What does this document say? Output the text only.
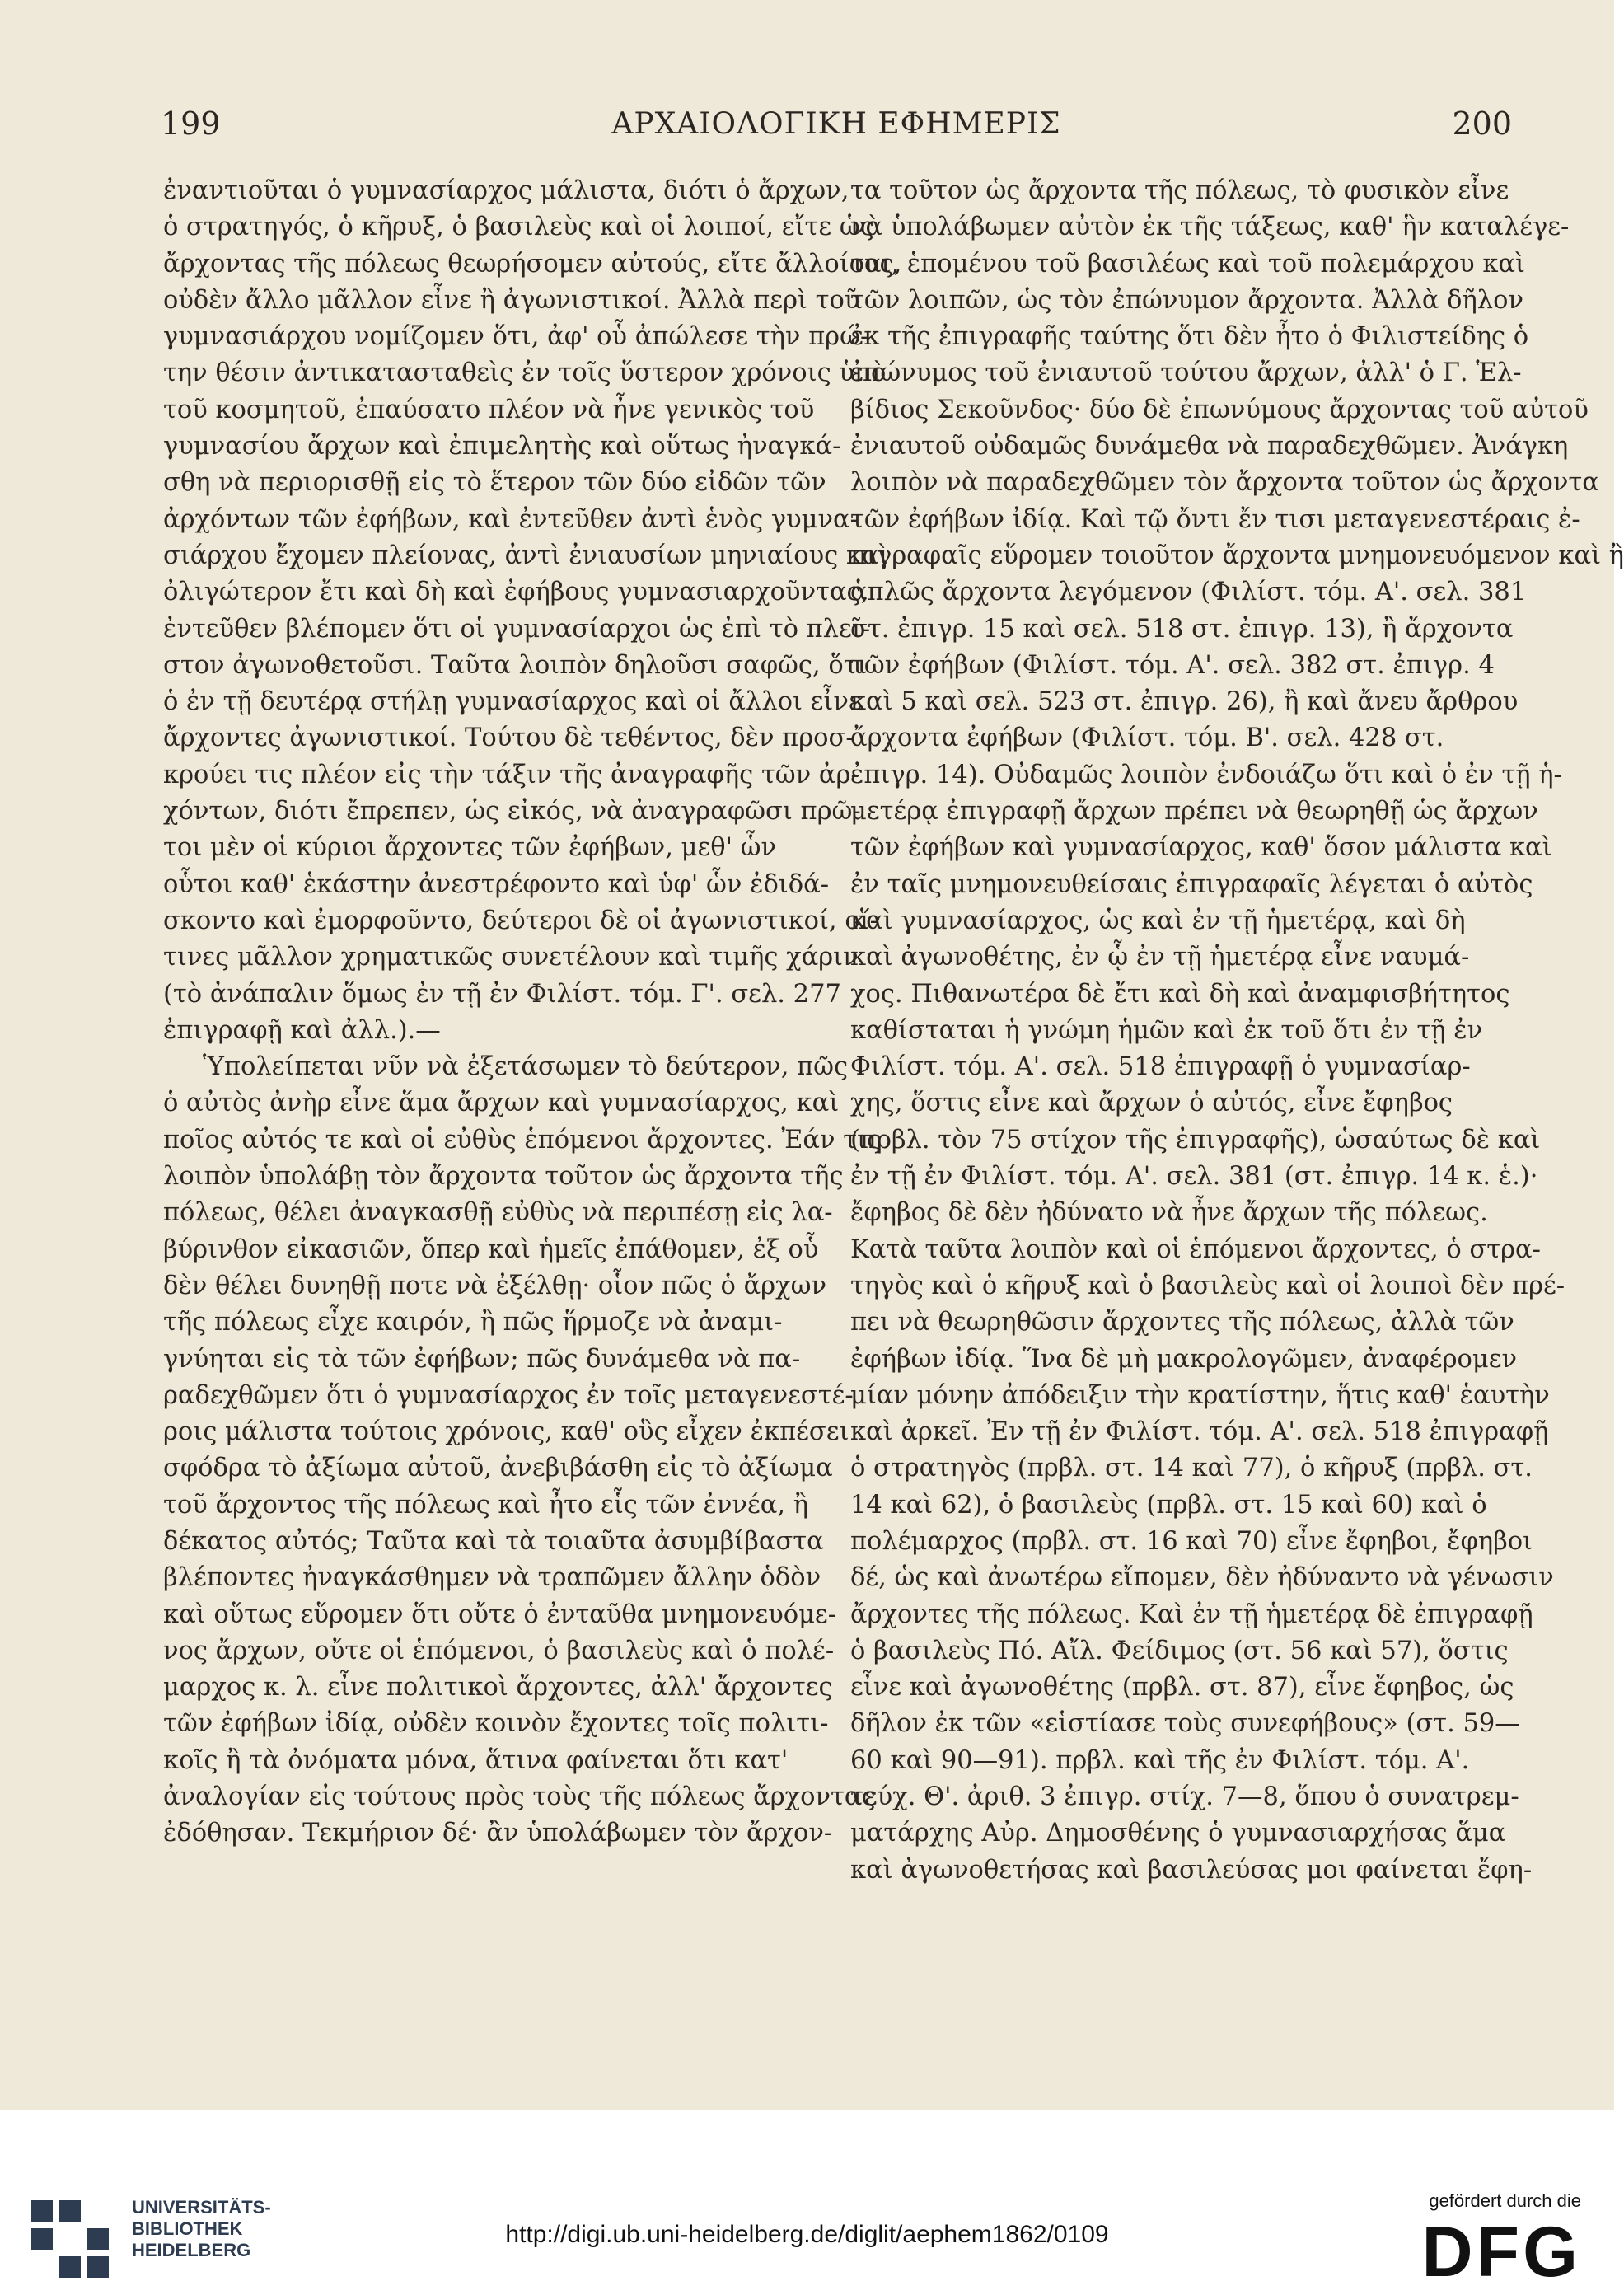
199	ΑΡΧΑΙΟΛΟΓΙΚΗ ΕΦΗΜΕΡΙΣ	200
ἐναντιοῦται ὁ γυμνασίαρχος μάλιστα, διότι ὁ ἄρχων,
ὁ στρατηγός, ὁ κῆρυξ, ὁ βασιλεὺς καὶ οἱ λοιποί, εἴτε ὡς
ἄρχοντας τῆς πόλεως θεωρήσομεν αὐτούς, εἴτε ἄλλοίους,
οὐδὲν ἄλλο μᾶλλον εἶνε ἢ ἀγωνιστικοί. Ἀλλὰ περὶ τοῦ
γυμνασιάρχου νομίζομεν ὅτι, ἀφ' οὗ ἀπώλεσε τὴν πρώ-
την θέσιν ἀντικατασταθεὶς ἐν τοῖς ὕστερον χρόνοις ὑπὸ
τοῦ κοσμητοῦ, ἐπαύσατο πλέον νὰ ἦνε γενικὸς τοῦ
γυμνασίου ἄρχων καὶ ἐπιμελητὴς καὶ οὕτως ἠναγκά-
σθη νὰ περιορισθῇ εἰς τὸ ἕτερον τῶν δύο εἰδῶν τῶν
ἀρχόντων τῶν ἐφήβων, καὶ ἐντεῦθεν ἀντὶ ἑνὸς γυμνα-
σιάρχου ἔχομεν πλείονας, ἀντὶ ἐνιαυσίων μηνιαίους καὶ
ὀλιγώτερον ἔτι καὶ δὴ καὶ ἐφήβους γυμνασιαρχοῦντας,
ἐντεῦθεν βλέπομεν ὅτι οἱ γυμνασίαρχοι ὡς ἐπὶ τὸ πλεῖ-
στον ἀγωνοθετοῦσι. Ταῦτα λοιπὸν δηλοῦσι σαφῶς, ὅτι
ὁ ἐν τῇ δευτέρᾳ στήλῃ γυμνασίαρχος καὶ οἱ ἄλλοι εἶνε
ἄρχοντες ἀγωνιστικοί. Τούτου δὲ τεθέντος, δὲν προσ-
κρούει τις πλέον εἰς τὴν τάξιν τῆς ἀναγραφῆς τῶν ἀρ-
χόντων, διότι ἔπρεπεν, ὡς εἰκός, νὰ ἀναγραφῶσι πρῶ-
τοι μὲν οἱ κύριοι ἄρχοντες τῶν ἐφήβων, μεθ' ὧν
οὗτοι καθ' ἑκάστην ἀνεστρέφοντο καὶ ὑφ' ὧν ἐδιδά-
σκοντο καὶ ἐμορφοῦντο, δεύτεροι δὲ οἱ ἀγωνιστικοί, οἵ-
τινες μᾶλλον χρηματικῶς συνετέλουν καὶ τιμῆς χάριν
(τὸ ἀνάπαλιν ὅμως ἐν τῇ ἐν Φιλίστ. τόμ. Γ'. σελ. 277
ἐπιγραφῇ καὶ ἀλλ.).—
Ὑπολείπεται νῦν νὰ ἐξετάσωμεν τὸ δεύτερον, πῶς
ὁ αὐτὸς ἀνὴρ εἶνε ἅμα ἄρχων καὶ γυμνασίαρχος, καὶ
ποῖος αὐτός τε καὶ οἱ εὐθὺς ἑπόμενοι ἄρχοντες. Ἐάν τις
λοιπὸν ὑπολάβῃ τὸν ἄρχοντα τοῦτον ὡς ἄρχοντα τῆς
πόλεως, θέλει ἀναγκασθῇ εὐθὺς νὰ περιπέσῃ εἰς λα-
βύρινθον εἰκασιῶν, ὅπερ καὶ ἡμεῖς ἐπάθομεν, ἐξ οὗ
δὲν θέλει δυνηθῇ ποτε νὰ ἐξέλθῃ· οἷον πῶς ὁ ἄρχων
τῆς πόλεως εἶχε καιρόν, ἢ πῶς ἥρμοζε νὰ ἀναμι-
γνύηται εἰς τὰ τῶν ἐφήβων; πῶς δυνάμεθα νὰ πα-
ραδεχθῶμεν ὅτι ὁ γυμνασίαρχος ἐν τοῖς μεταγενεστέ-
ροις μάλιστα τούτοις χρόνοις, καθ' οὓς εἶχεν ἐκπέσει
σφόδρα τὸ ἀξίωμα αὐτοῦ, ἀνεβιβάσθη εἰς τὸ ἀξίωμα
τοῦ ἄρχοντος τῆς πόλεως καὶ ἦτο εἷς τῶν ἐννέα, ἢ
δέκατος αὐτός; Ταῦτα καὶ τὰ τοιαῦτα ἀσυμβίβαστα
βλέποντες ἠναγκάσθημεν νὰ τραπῶμεν ἄλλην ὁδὸν
καὶ οὕτως εὕρομεν ὅτι οὔτε ὁ ἐνταῦθα μνημονευόμε-
νος ἄρχων, οὔτε οἱ ἑπόμενοι, ὁ βασιλεὺς καὶ ὁ πολέ-
μαρχος κ. λ. εἶνε πολιτικοὶ ἄρχοντες, ἀλλ' ἄρχοντες
τῶν ἐφήβων ἰδίᾳ, οὐδὲν κοινὸν ἔχοντες τοῖς πολιτι-
κοῖς ἢ τὰ ὀνόματα μόνα, ἅτινα φαίνεται ὅτι κατ'
ἀναλογίαν εἰς τούτους πρὸς τοὺς τῆς πόλεως ἄρχοντας
ἐδόθησαν. Τεκμήριον δέ· ἂν ὑπολάβωμεν τὸν ἄρχον-
τα τοῦτον ὡς ἄρχοντα τῆς πόλεως, τὸ φυσικὸν εἶνε
νὰ ὑπολάβωμεν αὐτὸν ἐκ τῆς τάξεως, καθ' ἣν καταλέγε-
ται, ἑπομένου τοῦ βασιλέως καὶ τοῦ πολεμάρχου καὶ
τῶν λοιπῶν, ὡς τὸν ἐπώνυμον ἄρχοντα. Ἀλλὰ δῆλον
ἐκ τῆς ἐπιγραφῆς ταύτης ὅτι δὲν ἦτο ὁ Φιλιστείδης ὁ
ἐπώνυμος τοῦ ἐνιαυτοῦ τούτου ἄρχων, ἀλλ' ὁ Γ. Ἑλ-
βίδιος Σεκοῦνδος· δύο δὲ ἐπωνύμους ἄρχοντας τοῦ αὐτοῦ
ἐνιαυτοῦ οὐδαμῶς δυνάμεθα νὰ παραδεχθῶμεν. Ἀνάγκη
λοιπὸν νὰ παραδεχθῶμεν τὸν ἄρχοντα τοῦτον ὡς ἄρχοντα
τῶν ἐφήβων ἰδίᾳ. Καὶ τῷ ὄντι ἔν τισι μεταγενεστέραις ἐ-
πιγραφαῖς εὕρομεν τοιοῦτον ἄρχοντα μνημονευόμενον καὶ ἢ
ἁπλῶς ἄρχοντα λεγόμενον (Φιλίστ. τόμ. Α'. σελ. 381
στ. ἐπιγρ. 15 καὶ σελ. 518 στ. ἐπιγρ. 13), ἢ ἄρχοντα
τῶν ἐφήβων (Φιλίστ. τόμ. Α'. σελ. 382 στ. ἐπιγρ. 4
καὶ 5 καὶ σελ. 523 στ. ἐπιγρ. 26), ἢ καὶ ἄνευ ἄρθρου
ἄρχοντα ἐφήβων (Φιλίστ. τόμ. Β'. σελ. 428 στ.
ἐπιγρ. 14). Οὐδαμῶς λοιπὸν ἐνδοιάζω ὅτι καὶ ὁ ἐν τῇ ἡ-
μετέρᾳ ἐπιγραφῇ ἄρχων πρέπει νὰ θεωρηθῇ ὡς ἄρχων
τῶν ἐφήβων καὶ γυμνασίαρχος, καθ' ὅσον μάλιστα καὶ
ἐν ταῖς μνημονευθείσαις ἐπιγραφαῖς λέγεται ὁ αὐτὸς
καὶ γυμνασίαρχος, ὡς καὶ ἐν τῇ ἡμετέρᾳ, καὶ δὴ
καὶ ἀγωνοθέτης, ἐν ᾧ ἐν τῇ ἡμετέρᾳ εἶνε ναυμά-
χος. Πιθανωτέρα δὲ ἔτι καὶ δὴ καὶ ἀναμφισβήτητος
καθίσταται ἡ γνώμη ἡμῶν καὶ ἐκ τοῦ ὅτι ἐν τῇ ἐν
Φιλίστ. τόμ. Α'. σελ. 518 ἐπιγραφῇ ὁ γυμνασίαρ-
χης, ὅστις εἶνε καὶ ἄρχων ὁ αὐτός, εἶνε ἔφηβος
(πρβλ. τὸν 75 στίχον τῆς ἐπιγραφῆς), ὡσαύτως δὲ καὶ
ἐν τῇ ἐν Φιλίστ. τόμ. Α'. σελ. 381 (στ. ἐπιγρ. 14 κ. ἑ.)·
ἔφηβος δὲ δὲν ἠδύνατο νὰ ἦνε ἄρχων τῆς πόλεως.
Κατὰ ταῦτα λοιπὸν καὶ οἱ ἑπόμενοι ἄρχοντες, ὁ στρα-
τηγὸς καὶ ὁ κῆρυξ καὶ ὁ βασιλεὺς καὶ οἱ λοιποὶ δὲν πρέ-
πει νὰ θεωρηθῶσιν ἄρχοντες τῆς πόλεως, ἀλλὰ τῶν
ἐφήβων ἰδίᾳ. Ἵνα δὲ μὴ μακρολογῶμεν, ἀναφέρομεν
μίαν μόνην ἀπόδειξιν τὴν κρατίστην, ἥτις καθ' ἑαυτὴν
καὶ ἀρκεῖ. Ἐν τῇ ἐν Φιλίστ. τόμ. Α'. σελ. 518 ἐπιγραφῇ
ὁ στρατηγὸς (πρβλ. στ. 14 καὶ 77), ὁ κῆρυξ (πρβλ. στ.
14 καὶ 62), ὁ βασιλεὺς (πρβλ. στ. 15 καὶ 60) καὶ ὁ
πολέμαρχος (πρβλ. στ. 16 καὶ 70) εἶνε ἔφηβοι, ἔφηβοι
δέ, ὡς καὶ ἀνωτέρω εἴπομεν, δὲν ἠδύναντο νὰ γένωσιν
ἄρχοντες τῆς πόλεως. Καὶ ἐν τῇ ἡμετέρᾳ δὲ ἐπιγραφῇ
ὁ βασιλεὺς Πό. Αἴλ. Φείδιμος (στ. 56 καὶ 57), ὅστις
εἶνε καὶ ἀγωνοθέτης (πρβλ. στ. 87), εἶνε ἔφηβος, ὡς
δῆλον ἐκ τῶν «εἱστίασε τοὺς συνεφήβους» (στ. 59—
60 καὶ 90—91). πρβλ. καὶ τῆς ἐν Φιλίστ. τόμ. Α'.
τεύχ. Θ'. ἀριθ. 3 ἐπιγρ. στίχ. 7—8, ὅπου ὁ συνατρεμ-
ματάρχης Αὐρ. Δημοσθένης ὁ γυμνασιαρχήσας ἅμα
καὶ ἀγωνοθετήσας καὶ βασιλεύσας μοι φαίνεται ἔφη-
UNIVERSITÄTS-
BIBLIOTHEK
HEIDELBERG
http://digi.ub.uni-heidelberg.de/diglit/aephem1862/0109
gefördert durch die
DFG
